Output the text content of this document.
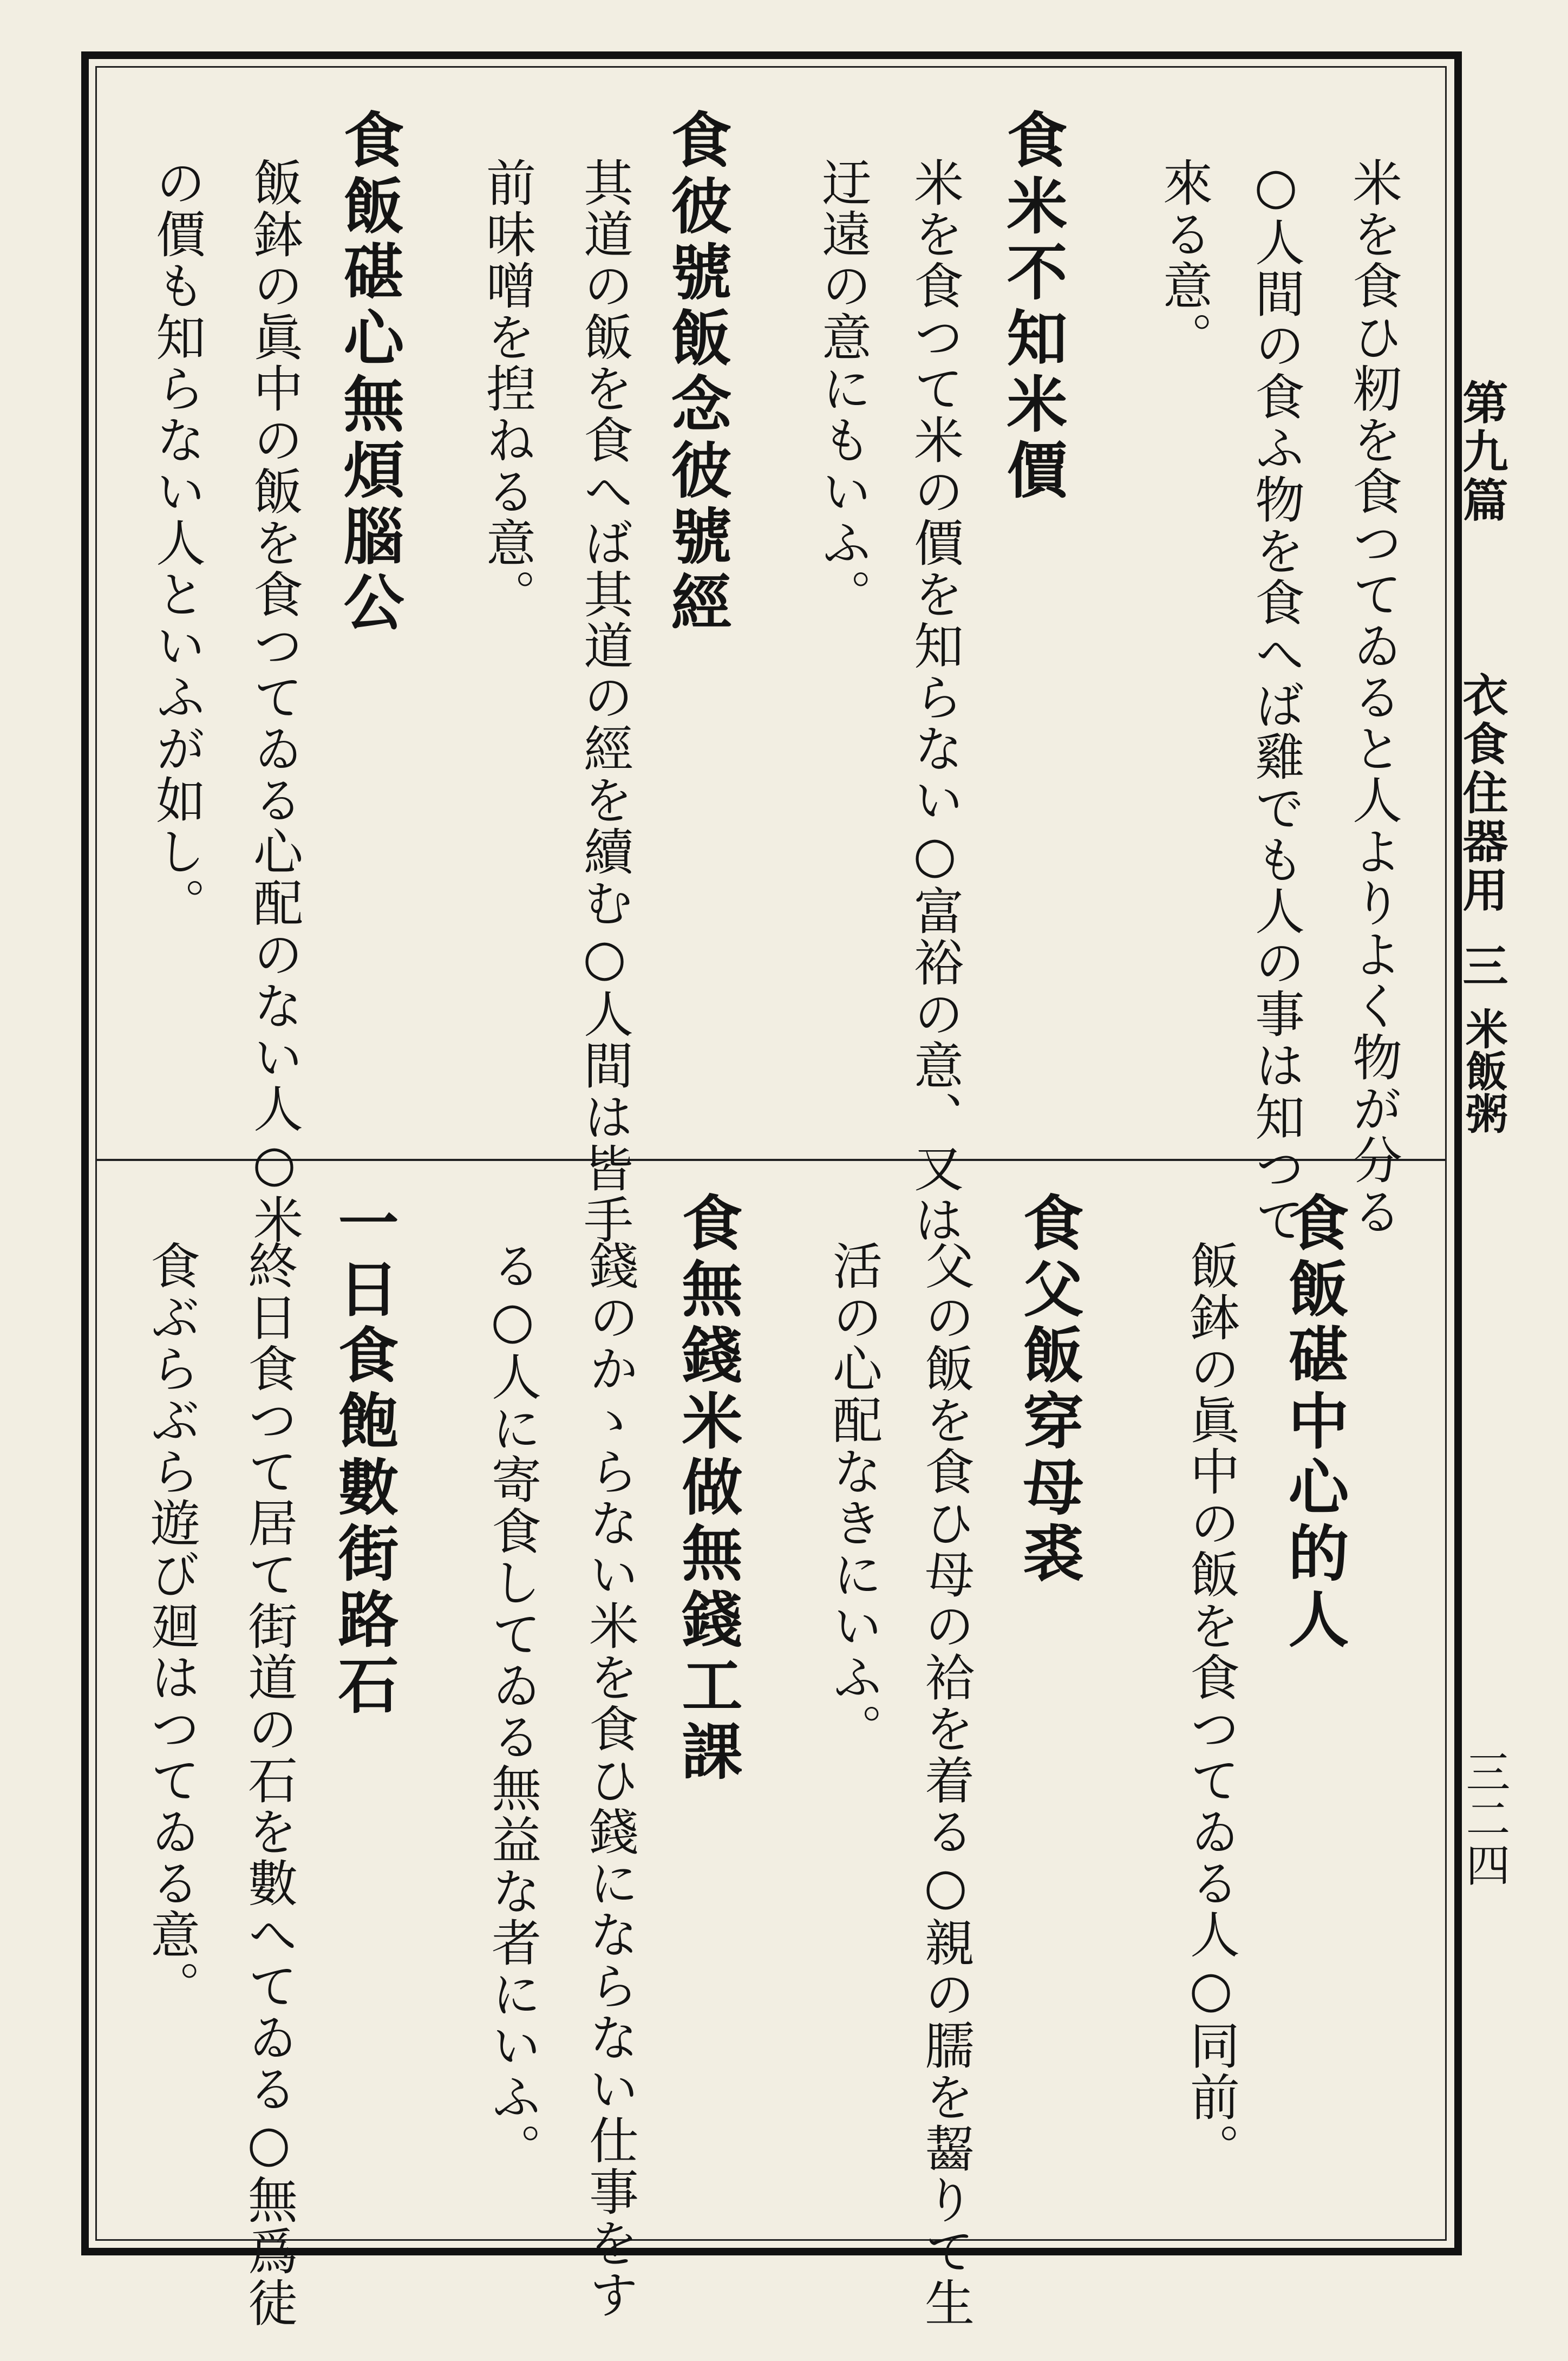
第九篇
衣食住器用
三
米飯粥
三二四
米を食ひ籾を食つてゐると人よりよく物が分る
○人間の食ふ物を食へば雞でも人の事は知つて
來る意。
食米不知米價
米を食つて米の價を知らない○富裕の意、又は
迂遠の意にもいふ。
食彼號飯念彼號經
其道の飯を食へば其道の經を續む○人間は皆手
前味噌を揑ねる意。
食飯碪心無煩腦公
飯鉢の眞中の飯を食つてゐる心配のない人○米
の價も知らない人といふが如し。
食飯碪中心的人
飯鉢の眞中の飯を食つてゐる人○同前。
食父飯穿母裘
父の飯を食ひ母の袷を着る○親の臑を齧りて生
活の心配なきにいふ。
食無錢米做無錢工課
錢のかゝらない米を食ひ錢にならない仕事をす
る○人に寄食してゐる無益な者にいふ。
一日食飽數街路石
終日食つて居て街道の石を數へてゐる○無爲徒
食ぶらぶら遊び廻はつてゐる意。
